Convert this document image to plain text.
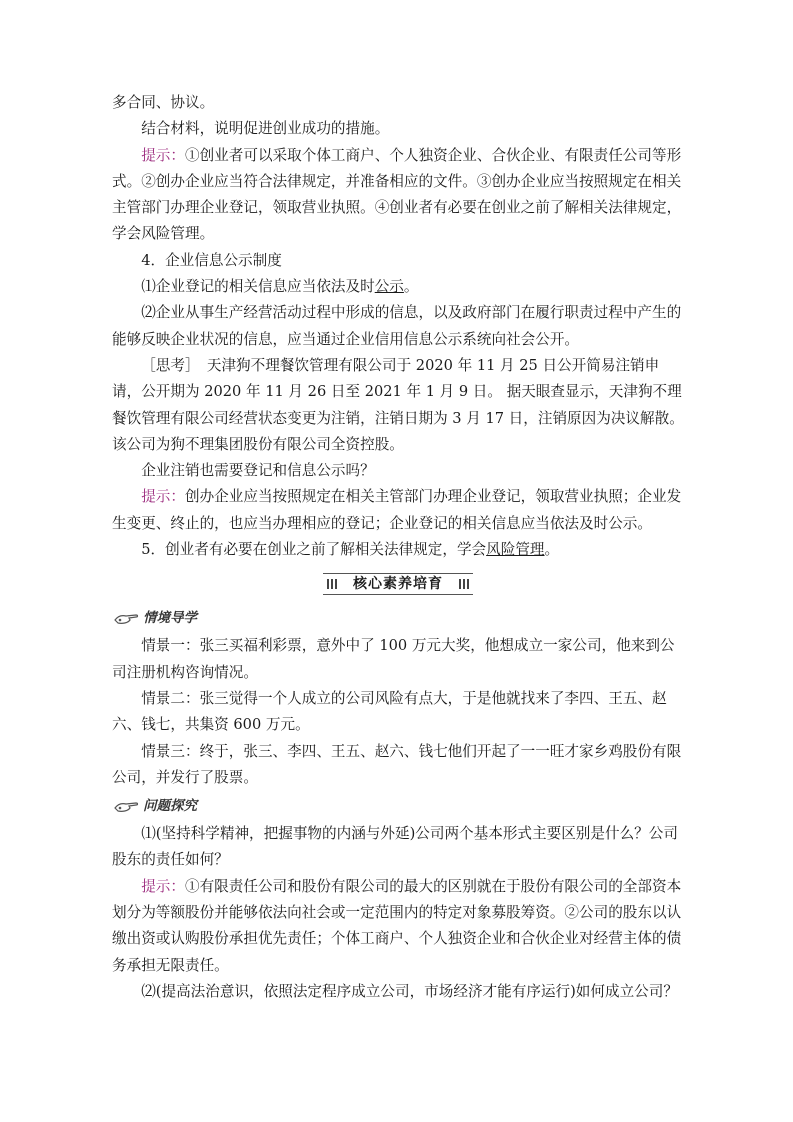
多合同、协议。

结合材料，说明促进创业成功的措施。

提示：①创业者可以采取个体工商户、个人独资企业、合伙企业、有限责任公司等形式。②创办企业应当符合法律规定，并准备相应的文件。③创办企业应当按照规定在相关主管部门办理企业登记，领取营业执照。④创业者有必要在创业之前了解相关法律规定，学会风险管理。

4．企业信息公示制度

⑴企业登记的相关信息应当依法及时公示。

⑵企业从事生产经营活动过程中形成的信息，以及政府部门在履行职责过程中产生的能够反映企业状况的信息，应当通过企业信用信息公示系统向社会公开。

［思考］　天津狗不理餐饮管理有限公司于 2020 年 11 月 25 日公开简易注销申请，公开期为 2020 年 11 月 26 日至 2021 年 1 月 9 日。 据天眼查显示，天津狗不理餐饮管理有限公司经营状态变更为注销，注销日期为 3 月 17 日，注销原因为决议解散。该公司为狗不理集团股份有限公司全资控股。

企业注销也需要登记和信息公示吗？

提示：创办企业应当按照规定在相关主管部门办理企业登记，领取营业执照；企业发生变更、终止的，也应当办理相应的登记；企业登记的相关信息应当依法及时公示。

5．创业者有必要在创业之前了解相关法律规定，学会风险管理。

核心素养培育
情境导学

情景一：张三买福利彩票，意外中了 100 万元大奖，他想成立一家公司，他来到公司注册机构咨询情况。

情景二：张三觉得一个人成立的公司风险有点大，于是他就找来了李四、王五、赵六、钱七，共集资 600 万元。

情景三：终于，张三、李四、王五、赵六、钱七他们开起了一一旺才家乡鸡股份有限公司，并发行了股票。

问题探究

⑴(坚持科学精神，把握事物的内涵与外延)公司两个基本形式主要区别是什么？公司股东的责任如何？

提示：①有限责任公司和股份有限公司的最大的区别就在于股份有限公司的全部资本划分为等额股份并能够依法向社会或一定范围内的特定对象募股筹资。②公司的股东以认缴出资或认购股份承担优先责任；个体工商户、个人独资企业和合伙企业对经营主体的债务承担无限责任。

⑵(提高法治意识，依照法定程序成立公司，市场经济才能有序运行)如何成立公司？
